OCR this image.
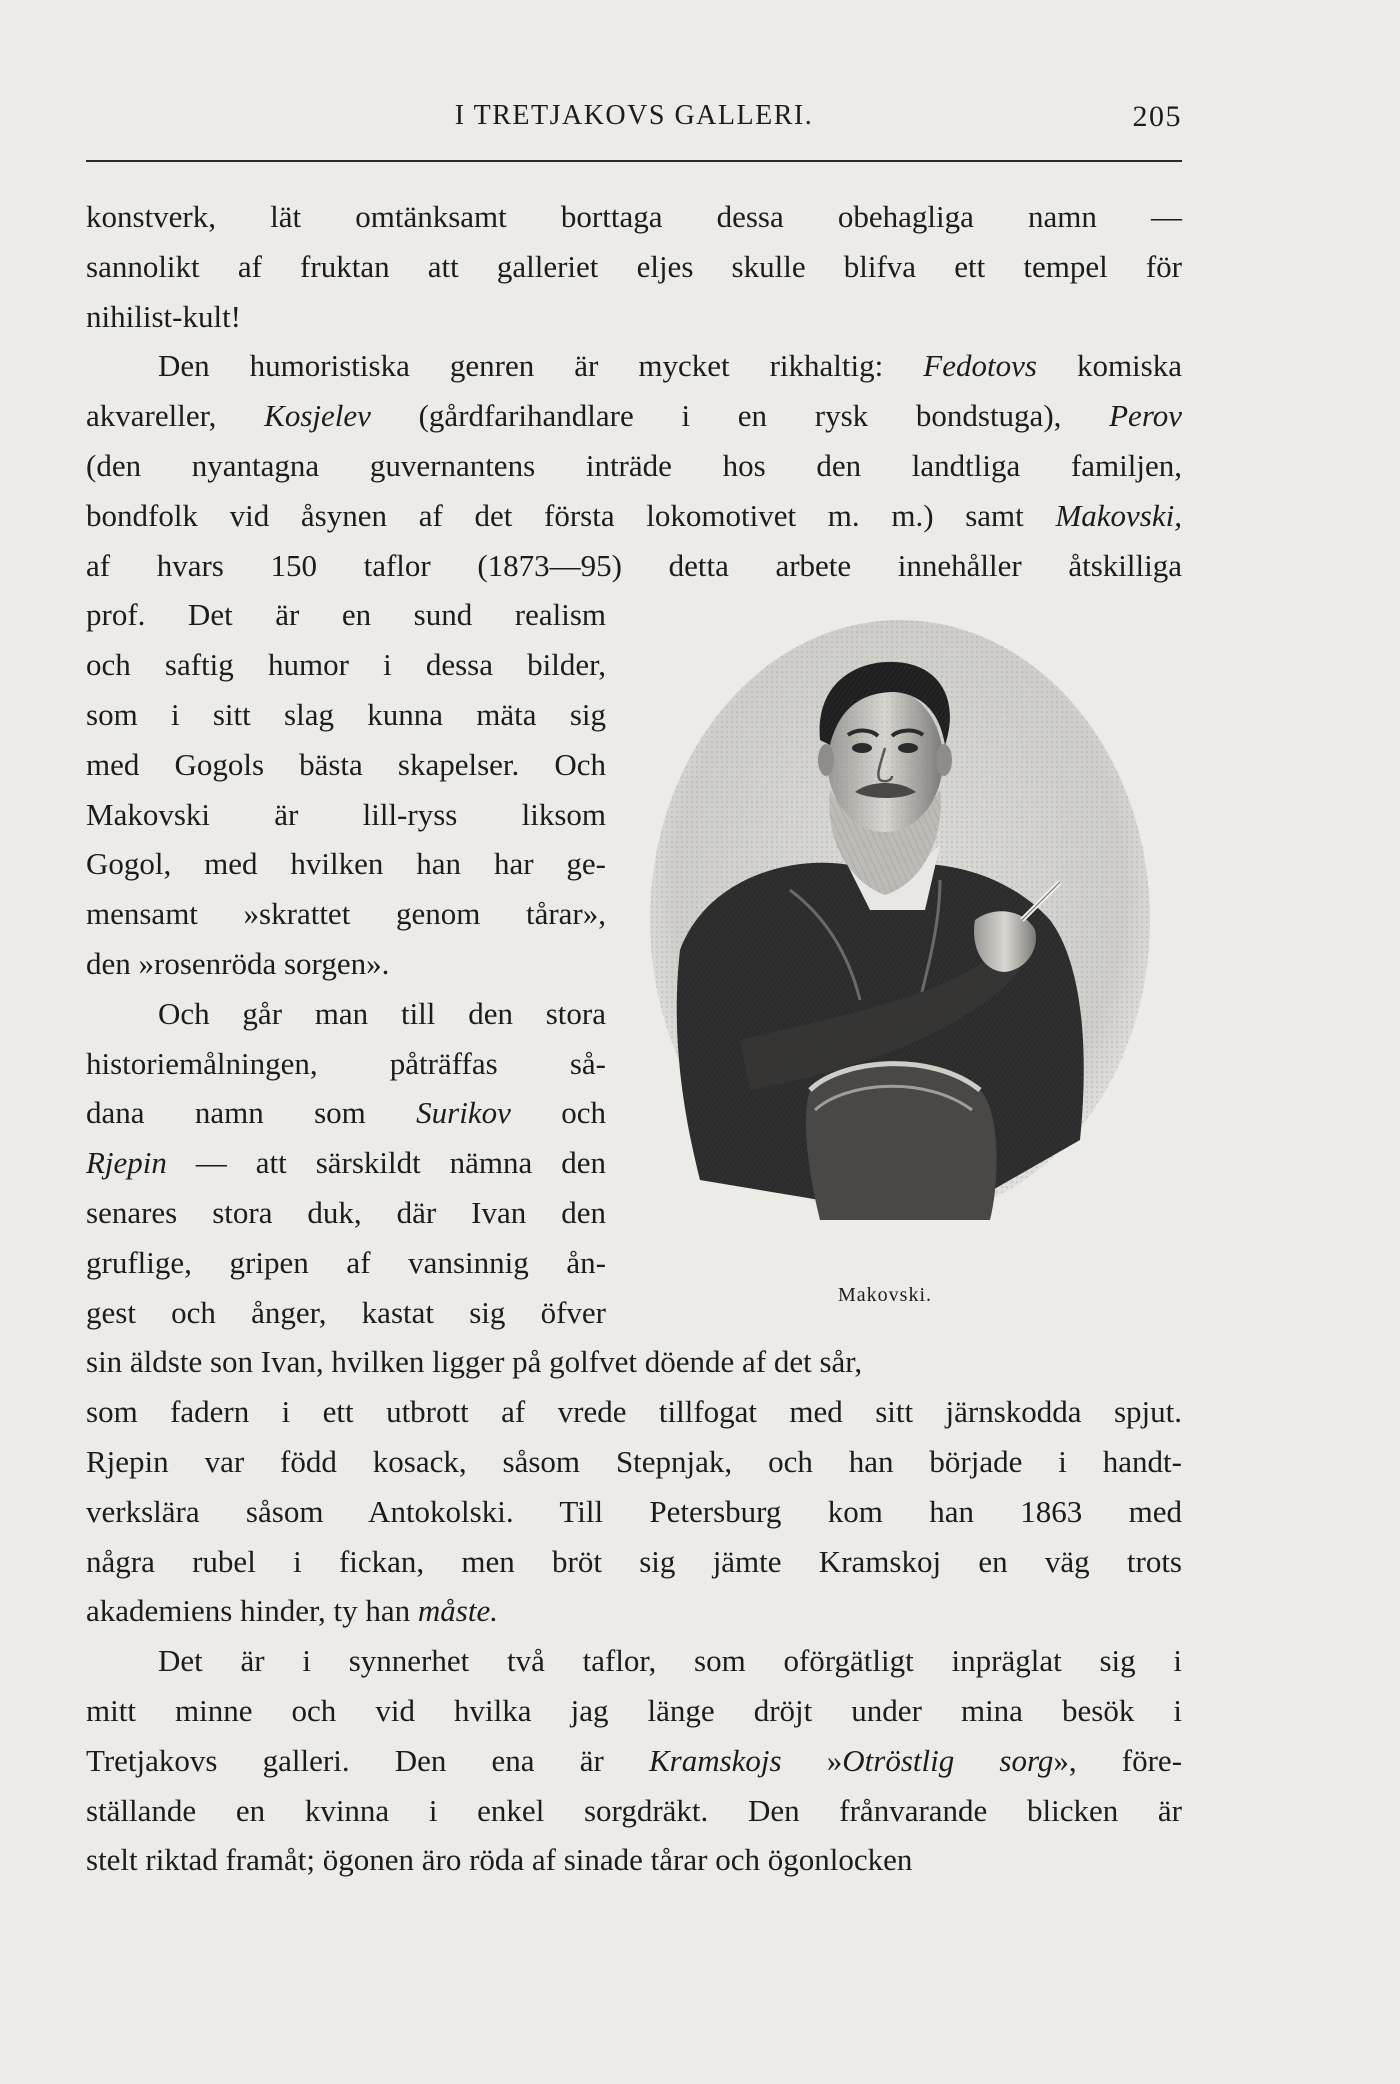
I TRETJAKOVS GALLERI.	205
konstverk, lät omtänksamt borttaga dessa obehagliga namn —
sannolikt af fruktan att galleriet eljes skulle blifva ett tempel för
nihilist-kult!
Den humoristiska genren är mycket rikhaltig: Fedotovs komiska
akvareller, Kosjelev (gårdfarihandlare i en rysk bondstuga), Perov
(den nyantagna guvernantens inträde hos den landtliga familjen,
bondfolk vid åsynen af det första lokomotivet m. m.) samt Makovski,
af hvars 150 taflor (1873—95) detta arbete innehåller åtskilliga
prof. Det är en sund realism
och saftig humor i dessa bilder,
som i sitt slag kunna mäta sig
med Gogols bästa skapelser. Och
Makovski är lill-ryss liksom
Gogol, med hvilken han har ge-
mensamt »skrattet genom tårar»,
den »rosenröda sorgen».
Och går man till den stora
historiemålningen, påträffas så-
dana namn som Surikov och
Rjepin — att särskildt nämna den
senares stora duk, där Ivan den
gruflige, gripen af vansinnig ån-
gest och ånger, kastat sig öfver
sin äldste son Ivan, hvilken ligger på golfvet döende af det sår,
som fadern i ett utbrott af vrede tillfogat med sitt järnskodda spjut.
Rjepin var född kosack, såsom Stepnjak, och han började i handt-
verkslära såsom Antokolski. Till Petersburg kom han 1863 med
några rubel i fickan, men bröt sig jämte Kramskoj en väg trots
akademiens hinder, ty han måste.
Det är i synnerhet två taflor, som oförgätligt inpräglat sig i
mitt minne och vid hvilka jag länge dröjt under mina besök i
Tretjakovs galleri. Den ena är Kramskojs »Otröstlig sorg», före-
ställande en kvinna i enkel sorgdräkt. Den frånvarande blicken är
stelt riktad framåt; ögonen äro röda af sinade tårar och ögonlocken
Makovski.
